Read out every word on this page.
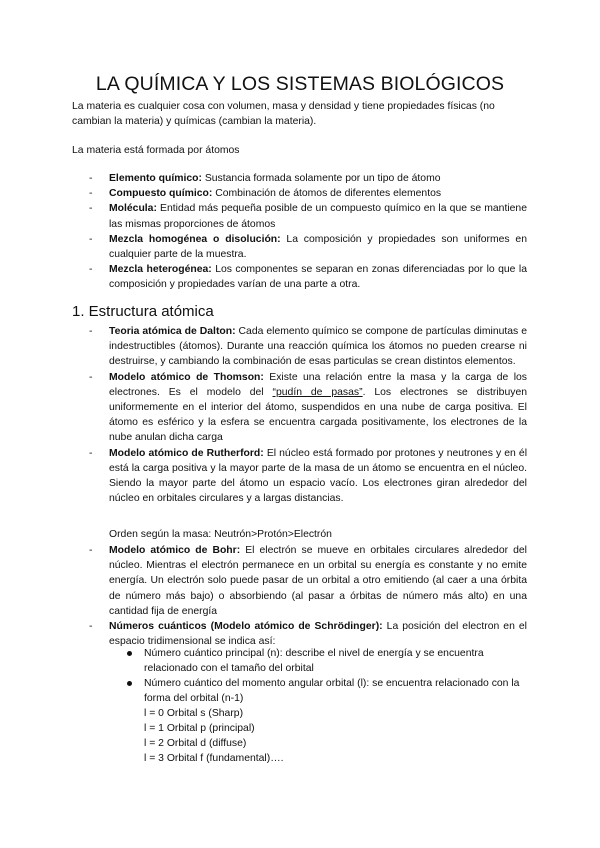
LA QUÍMICA Y LOS SISTEMAS BIOLÓGICOS
La materia es cualquier cosa con volumen, masa y densidad y tiene propiedades físicas (no cambian la materia) y químicas (cambian la materia).
La materia está formada por átomos
- Elemento químico: Sustancia formada solamente por un tipo de átomo
- Compuesto químico: Combinación de átomos de diferentes elementos
- Molécula: Entidad más pequeña posible de un compuesto químico en la que se mantiene las mismas proporciones de átomos
- Mezcla homogénea o disolución: La composición y propiedades son uniformes en cualquier parte de la muestra.
- Mezcla heterogénea: Los componentes se separan en zonas diferenciadas por lo que la composición y propiedades varían de una parte a otra.
1. Estructura atómica
- Teoria atómica de Dalton: Cada elemento químico se compone de partículas diminutas e indestructibles (átomos). Durante una reacción química los átomos no pueden crearse ni destruirse, y cambiando la combinación de esas particulas se crean distintos elementos.
- Modelo atómico de Thomson: Existe una relación entre la masa y la carga de los electrones. Es el modelo del “pudín de pasas”. Los electrones se distribuyen uniformemente en el interior del átomo, suspendidos en una nube de carga positiva. El átomo es esférico y la esfera se encuentra cargada positivamente, los electrones de la nube anulan dicha carga
- Modelo atómico de Rutherford: El núcleo está formado por protones y neutrones y en él está la carga positiva y la mayor parte de la masa de un átomo se encuentra en el núcleo. Siendo la mayor parte del átomo un espacio vacío. Los electrones giran alrededor del núcleo en orbitales circulares y a largas distancias.
Orden según la masa: Neutrón>Protón>Electrón
- Modelo atómico de Bohr: El electrón se mueve en orbitales circulares alrededor del núcleo. Mientras el electrón permanece en un orbital su energía es constante y no emite energía. Un electrón solo puede pasar de un orbital a otro emitiendo (al caer a una órbita de número más bajo) o absorbiendo (al pasar a órbitas de número más alto) en una cantidad fija de energía
- Números cuánticos (Modelo atómico de Schrödinger): La posición del electron en el espacio tridimensional se indica así:
Número cuántico principal (n): describe el nivel de energía y se encuentra relacionado con el tamaño del orbital
Número cuántico del momento angular orbital (l): se encuentra relacionado con la forma del orbital (n-1)
l = 0 Orbital s (Sharp)
l = 1 Orbital p (principal)
l = 2 Orbital d (diffuse)
l = 3 Orbital f (fundamental)….
